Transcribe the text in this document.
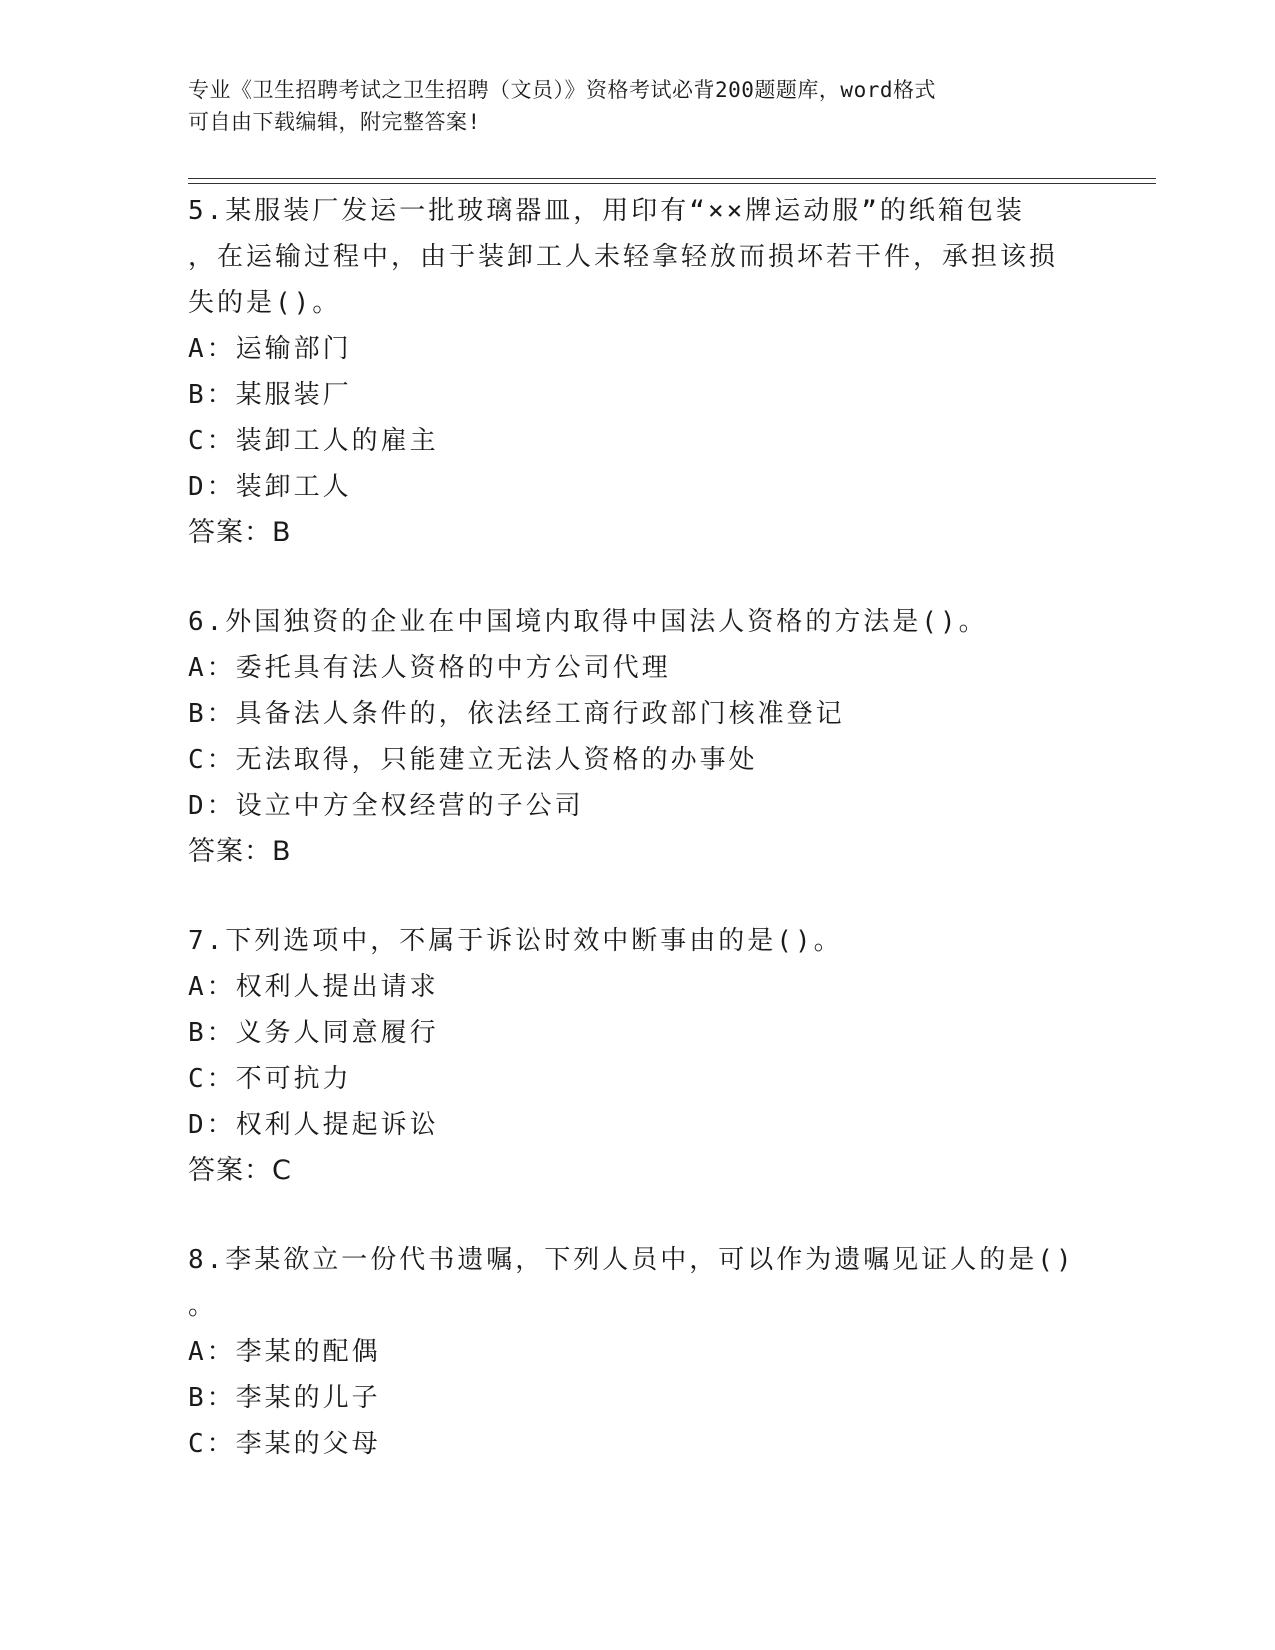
专业《卫生招聘考试之卫生招聘（文员）》资格考试必背200题题库，word格式
可自由下载编辑，附完整答案!
5.某服装厂发运一批玻璃器皿，用印有“××牌运动服”的纸箱包装
，在运输过程中，由于装卸工人未轻拿轻放而损坏若干件，承担该损
失的是()。
A：运输部门
B：某服装厂
C：装卸工人的雇主
D：装卸工人
答案：B
6.外国独资的企业在中国境内取得中国法人资格的方法是()。
A：委托具有法人资格的中方公司代理
B：具备法人条件的，依法经工商行政部门核准登记
C：无法取得，只能建立无法人资格的办事处
D：设立中方全权经营的子公司
答案：B
7.下列选项中，不属于诉讼时效中断事由的是()。
A：权利人提出请求
B：义务人同意履行
C：不可抗力
D：权利人提起诉讼
答案：C
8.李某欲立一份代书遗嘱，下列人员中，可以作为遗嘱见证人的是()
。
A：李某的配偶
B：李某的儿子
C：李某的父母
